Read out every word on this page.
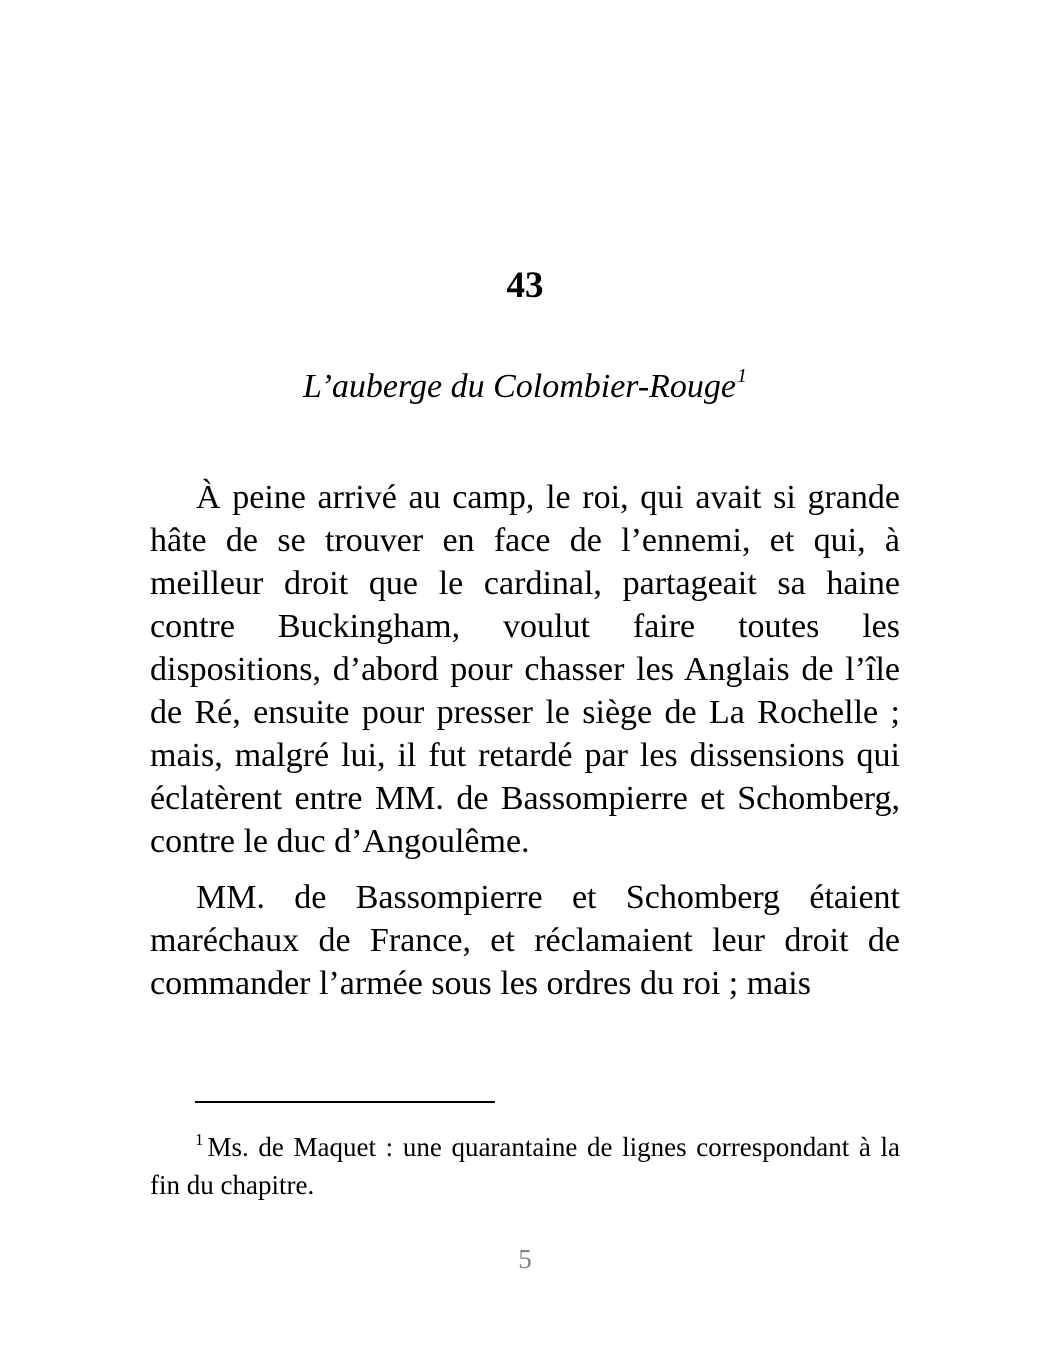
43
L’auberge du Colombier-Rouge$^1$

À peine arrivé au camp, le roi, qui avait si grande hâte de se trouver en face de l’ennemi, et qui, à meilleur droit que le cardinal, partageait sa haine contre Buckingham, voulut faire toutes les dispositions, d’abord pour chasser les Anglais de l’île de Ré, ensuite pour presser le siège de La Rochelle ; mais, malgré lui, il fut retardé par les dissensions qui éclatèrent entre MM. de Bassompierre et Schomberg, contre le duc d’Angoulême.

MM. de Bassompierre et Schomberg étaient maréchaux de France, et réclamaient leur droit de commander l’armée sous les ordres du roi ; mais

$^1$ Ms. de Maquet : une quarantaine de lignes correspondant à la fin du chapitre.

5
